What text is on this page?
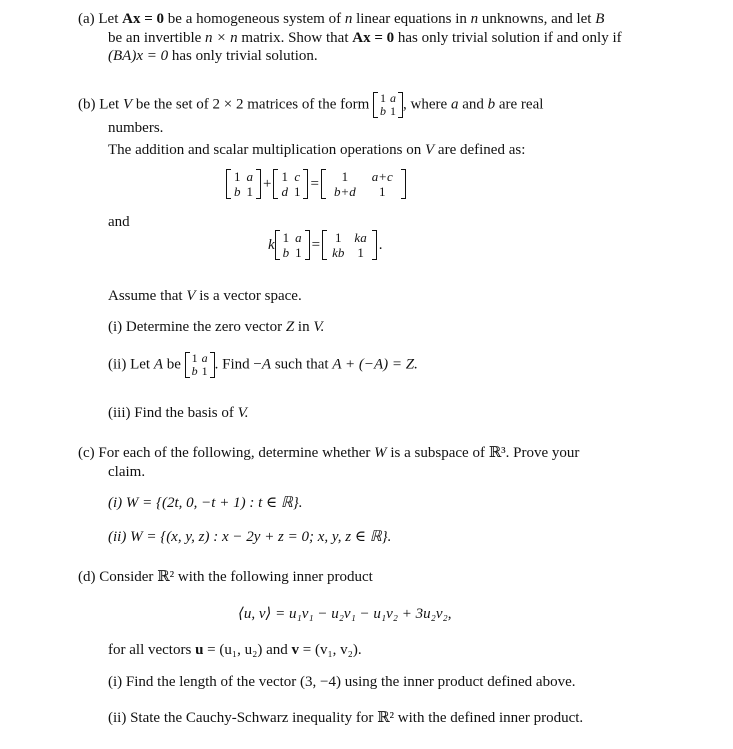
(a) Let Ax = 0 be a homogeneous system of n linear equations in n unknowns, and let B
be an invertible n × n matrix. Show that Ax = 0 has only trivial solution if and only if
(BA)x = 0 has only trivial solution.
(b) Let V be the set of 2 × 2 matrices of the form 1	a
b	1 , where a and b are real
numbers.
The addition and scalar multiplication operations on V are defined as:
1	a
b	1 + 1	c
d	1 = 1	a+c
b+d	1
and
k 1	a
b	1 = 1	ka
kb	1 .
Assume that V is a vector space.
(i) Determine the zero vector Z in V.
(ii) Let A be 1	a
b	1 . Find −A such that A + (−A) = Z.
(iii) Find the basis of V.
(c) For each of the following, determine whether W is a subspace of ℝ³. Prove your
claim.
(i) W = {(2t, 0, −t + 1) : t ∈ ℝ}.
(ii) W = {(x, y, z) : x − 2y + z = 0; x, y, z ∈ ℝ}.
(d) Consider ℝ² with the following inner product
⟨u, v⟩ = u₁v₁ − u₂v₁ − u₁v₂ + 3u₂v₂,
for all vectors u = (u₁, u₂) and v = (v₁, v₂).
(i) Find the length of the vector (3, −4) using the inner product defined above.
(ii) State the Cauchy-Schwarz inequality for ℝ² with the defined inner product.
